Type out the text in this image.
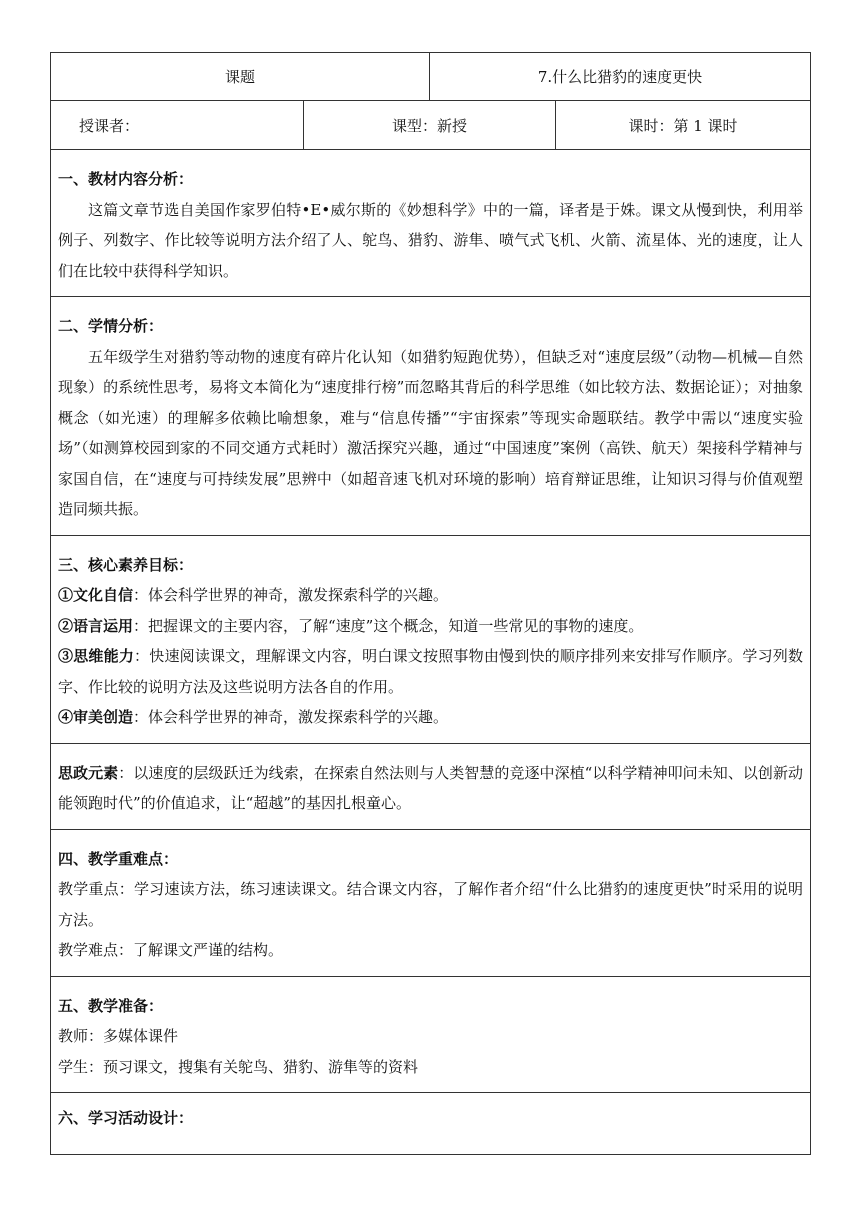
课题		7.什么比猎豹的速度更快	
授课者：	课型：新授		课时：第 1 课时

一、教材内容分析：

这篇文章节选自美国作家罗伯特•E•威尔斯的《妙想科学》中的一篇，译者是于姝。课文从慢到快，利用举例子、列数字、作比较等说明方法介绍了人、鸵鸟、猎豹、游隼、喷气式飞机、火箭、流星体、光的速度，让人们在比较中获得科学知识。			

二、学情分析：

五年级学生对猎豹等动物的速度有碎片化认知（如猎豹短跑优势），但缺乏对“速度层级”（动物—机械—自然现象）的系统性思考，易将文本简化为“速度排行榜”而忽略其背后的科学思维（如比较方法、数据论证）；对抽象概念（如光速）的理解多依赖比喻想象，难与“信息传播”“宇宙探索”等现实命题联结。教学中需以“速度实验场”（如测算校园到家的不同交通方式耗时）激活探究兴趣，通过“中国速度”案例（高铁、航天）架接科学精神与家国自信，在“速度与可持续发展”思辨中（如超音速飞机对环境的影响）培育辩证思维，让知识习得与价值观塑造同频共振。			

三、核心素养目标：

①文化自信：体会科学世界的神奇，激发探索科学的兴趣。

②语言运用：把握课文的主要内容，了解“速度”这个概念，知道一些常见的事物的速度。

③思维能力：快速阅读课文，理解课文内容，明白课文按照事物由慢到快的顺序排列来安排写作顺序。学习列数字、作比较的说明方法及这些说明方法各自的作用。

④审美创造：体会科学世界的神奇，激发探索科学的兴趣。			

思政元素：以速度的层级跃迁为线索，在探索自然法则与人类智慧的竞逐中深植“以科学精神叩问未知、以创新动能领跑时代”的价值追求，让“超越”的基因扎根童心。			

四、教学重难点：

教学重点：学习速读方法，练习速读课文。结合课文内容，了解作者介绍“什么比猎豹的速度更快”时采用的说明方法。

教学难点：了解课文严谨的结构。			

五、教学准备：

教师：多媒体课件

学生：预习课文，搜集有关鸵鸟、猎豹、游隼等的资料			

六、学习活动设计：			
